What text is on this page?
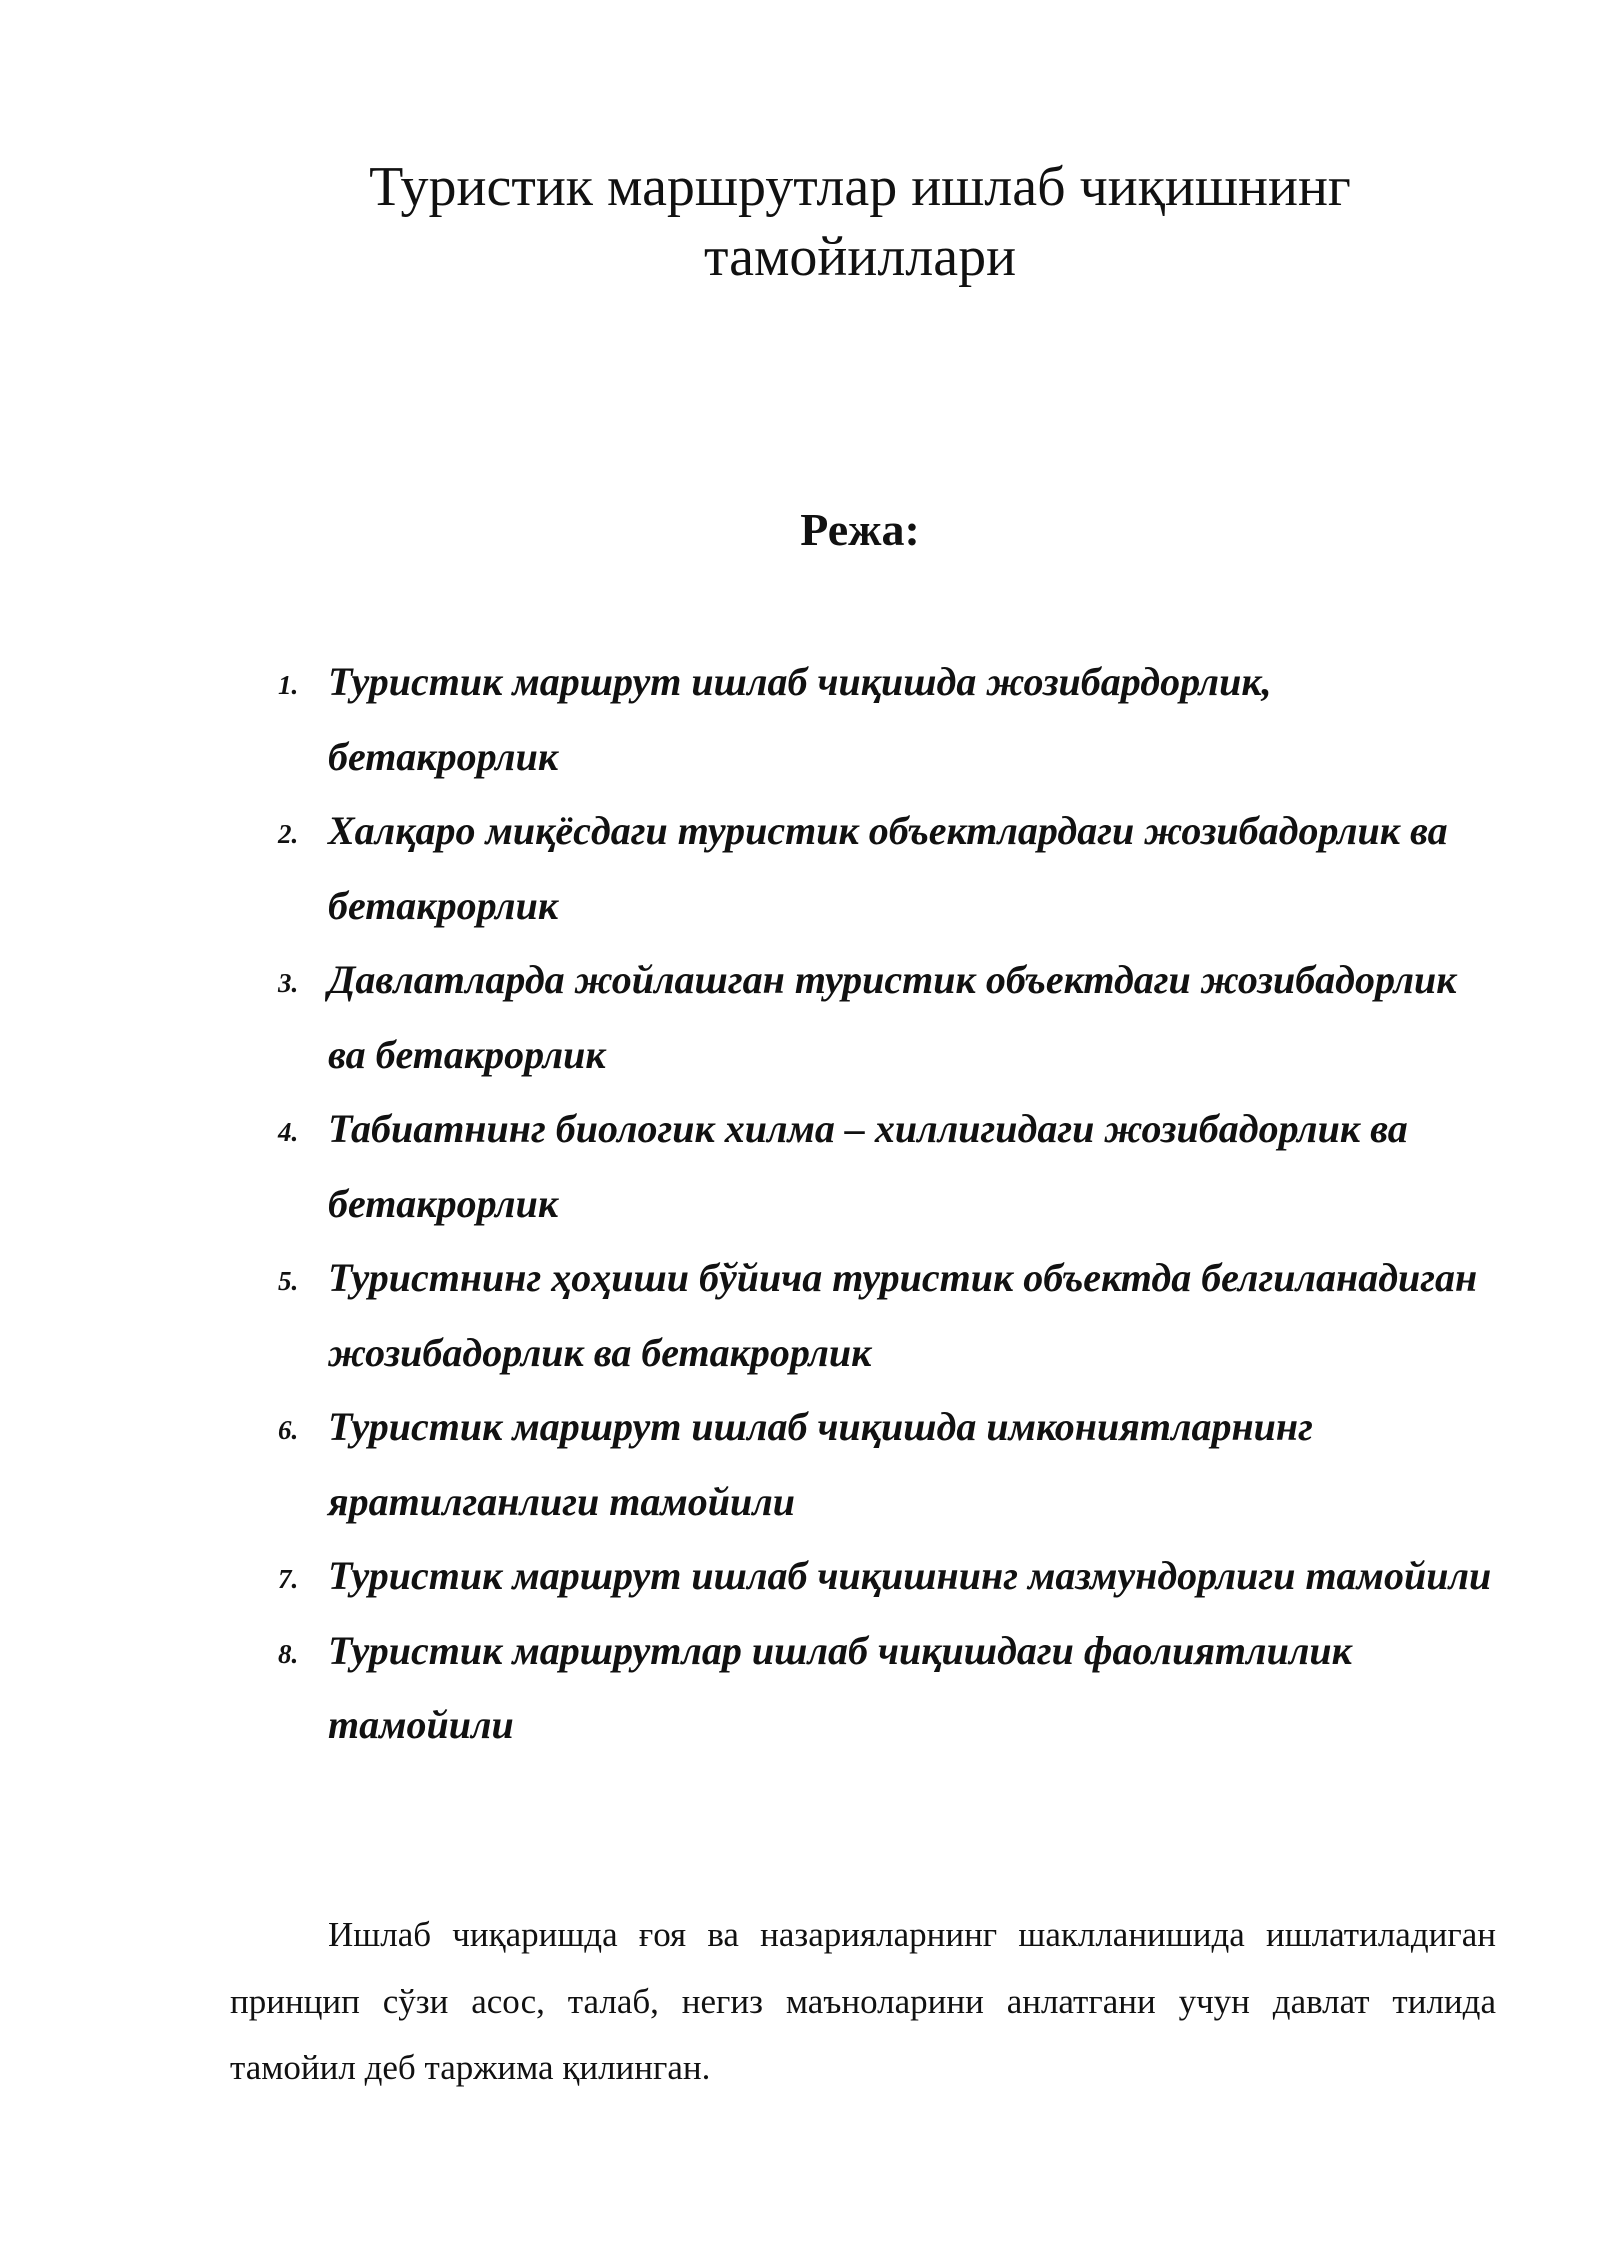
Туристик маршрутлар ишлаб чиқишнинг тамойиллари
Режа:
1. Туристик маршрут ишлаб чиқишда жозибардорлик, бетакрорлик
2. Халқаро миқёсдаги туристик объектлардаги жозибадорлик ва бетакрорлик
3. Давлатларда жойлашган туристик объектдаги жозибадорлик ва бетакрорлик
4. Табиатнинг биологик хилма – хиллигидаги жозибадорлик ва бетакрорлик
5. Туристнинг ҳоҳиши бўйича туристик объектда белгиланадиган жозибадорлик ва бетакрорлик
6. Туристик маршрут ишлаб чиқишда имкониятларнинг яратилганлиги тамойили
7. Туристик маршрут ишлаб чиқишнинг мазмундорлиги тамойили
8. Туристик маршрутлар ишлаб чиқишдаги фаолиятлилик тамойили

Ишлаб чиқаришда ғоя ва назарияларнинг шаклланишида ишлатиладиган принцип сўзи асос, талаб, негиз маъноларини анлатгани учун давлат тилида тамойил деб таржима қилинган.
